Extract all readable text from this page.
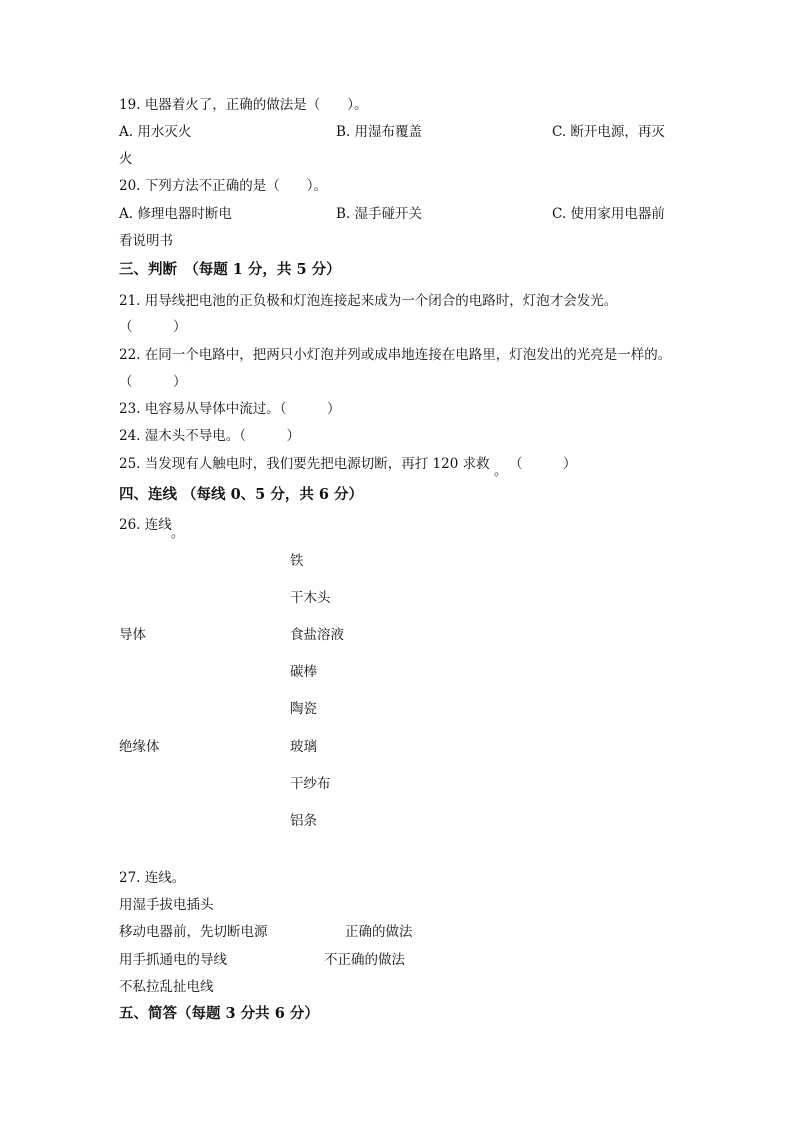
19. 电器着火了，正确的做法是（　　）。
A. 用水灭火	B. 用湿布覆盖	C. 断开电源，再灭
火
20. 下列方法不正确的是（　　）。
A. 修理电器时断电	B. 湿手碰开关	C. 使用家用电器前
看说明书
三、判断　（每题 1 分，共 5 分）
21. 用导线把电池的正负极和灯泡连接起来成为一个闭合的电路时，灯泡才会发光。
（　　　）
22. 在同一个电路中，把两只小灯泡并列或成串地连接在电路里，灯泡发出的光亮是一样的。
（　　　）
23. 电容易从导体中流过。（　　　）
24. 湿木头不导电。（　　　）
25. 当发现有人触电时，我们要先把电源切断，再打 120 求救 。 （　　　）
四、连线 （每线 0、5 分，共 6 分）
26. 连线
。
导体
绝缘体
铁
干木头
食盐溶液
碳棒
陶瓷
玻璃
干纱布
铝条
27. 连线。
用湿手拔电插头
移动电器前，先切断电源	正确的做法
用手抓通电的导线	不正确的做法
不私拉乱扯电线
五、简答（每题 3 分共 6 分）
